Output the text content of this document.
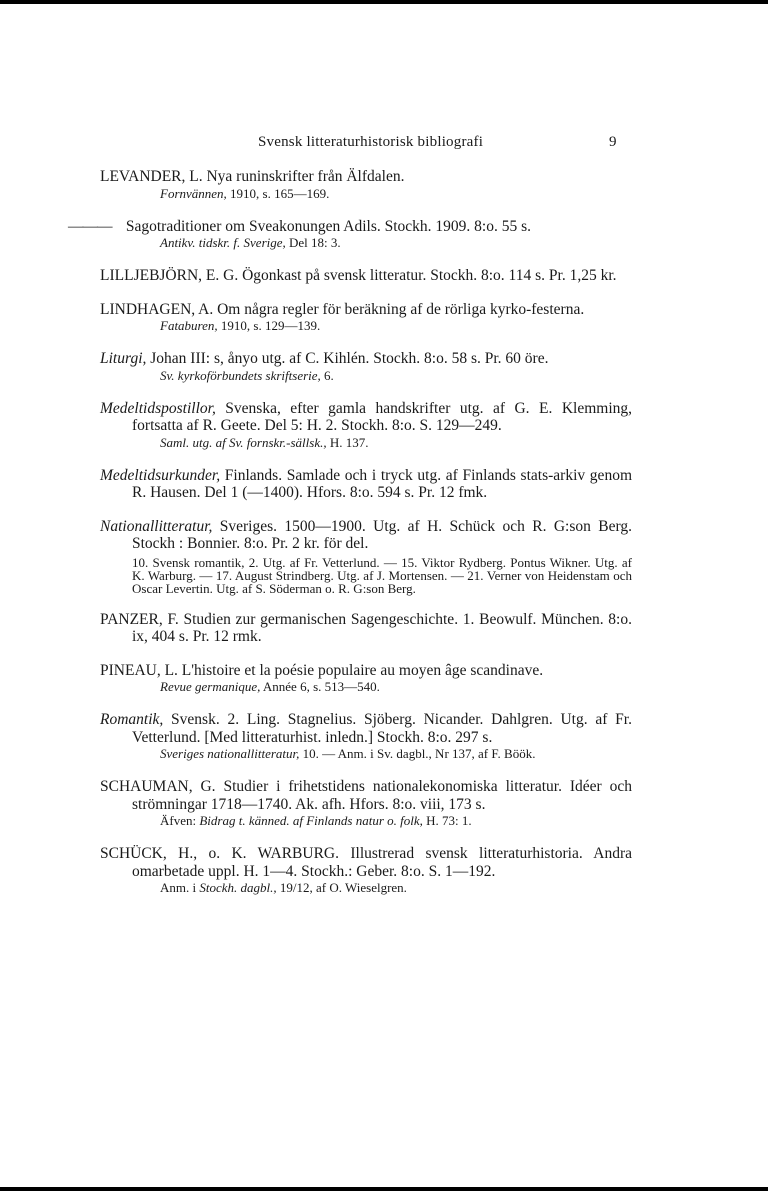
Svensk litteraturhistorisk bibliografi	9
LEVANDER, L. Nya runinskrifter från Älfdalen.
Fornvännen, 1910, s. 165—169.
——— Sagotraditioner om Sveakonungen Adils. Stockh. 1909. 8:o. 55 s.
Antikv. tidskr. f. Sverige, Del 18: 3.
LILLJEBJÖRN, E. G. Ögonkast på svensk litteratur. Stockh. 8:o. 114 s. Pr. 1,25 kr.
LINDHAGEN, A. Om några regler för beräkning af de rörliga kyrko-festerna.
Fataburen, 1910, s. 129—139.
Liturgi, Johan III: s, ånyo utg. af C. Kihlén. Stockh. 8:o. 58 s. Pr. 60 öre.
Sv. kyrkoförbundets skriftserie, 6.
Medeltidspostillor, Svenska, efter gamla handskrifter utg. af G. E. Klemming, fortsatta af R. Geete. Del 5: H. 2. Stockh. 8:o. S. 129—249.
Saml. utg. af Sv. fornskr.-sällsk., H. 137.
Medeltidsurkunder, Finlands. Samlade och i tryck utg. af Finlands stats-arkiv genom R. Hausen. Del 1 (—1400). Hfors. 8:o. 594 s. Pr. 12 fmk.
Nationallitteratur, Sveriges. 1500—1900. Utg. af H. Schück och R. G:son Berg. Stockh : Bonnier. 8:o. Pr. 2 kr. för del.
10. Svensk romantik, 2. Utg. af Fr. Vetterlund. — 15. Viktor Rydberg. Pontus Wikner. Utg. af K. Warburg. — 17. August Strindberg. Utg. af J. Mortensen. — 21. Verner von Heidenstam och Oscar Levertin. Utg. af S. Söderman o. R. G:son Berg.
PANZER, F. Studien zur germanischen Sagengeschichte. 1. Beowulf. München. 8:o. ix, 404 s. Pr. 12 rmk.
PINEAU, L. L'histoire et la poésie populaire au moyen âge scandinave.
Revue germanique, Année 6, s. 513—540.
Romantik, Svensk. 2. Ling. Stagnelius. Sjöberg. Nicander. Dahlgren. Utg. af Fr. Vetterlund. [Med litteraturhist. inledn.] Stockh. 8:o. 297 s.
Sveriges nationallitteratur, 10. — Anm. i Sv. dagbl., Nr 137, af F. Böök.
SCHAUMAN, G. Studier i frihetstidens nationalekonomiska litteratur. Idéer och strömningar 1718—1740. Ak. afh. Hfors. 8:o. viii, 173 s.
Äfven: Bidrag t. känned. af Finlands natur o. folk, H. 73: 1.
SCHÜCK, H., o. K. WARBURG. Illustrerad svensk litteraturhistoria. Andra omarbetade uppl. H. 1—4. Stockh.: Geber. 8:o. S. 1—192.
Anm. i Stockh. dagbl., 19/12, af O. Wieselgren.
